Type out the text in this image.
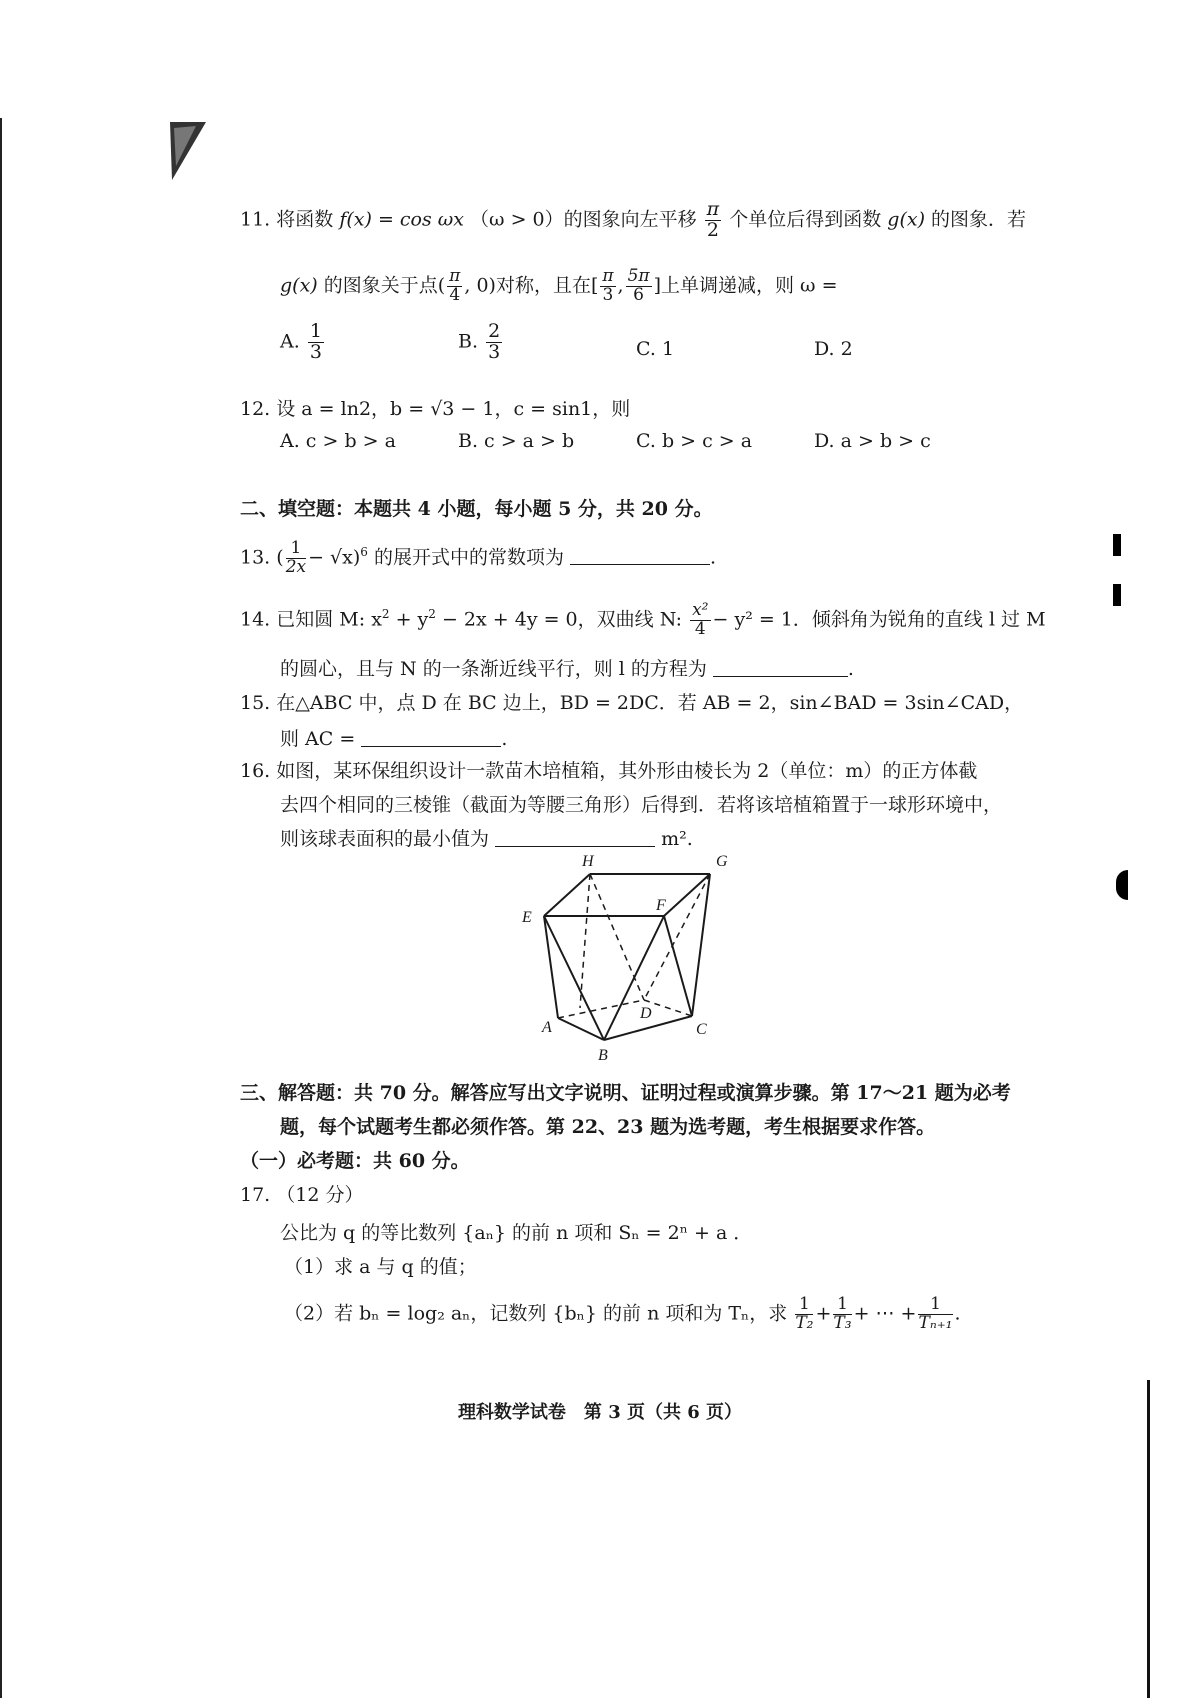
11. 将函数 f(x) = cos ωx （ω > 0）的图象向左平移 $\frac{\pi}{2}$ 个单位后得到函数 g(x) 的图象．若
g(x) 的图象关于点( $\frac{\pi}{4}$ , 0)对称，且在[ $\frac{\pi}{3}$ , $\frac{5\pi}{6}$ ]上单调递减，则 ω =
A. $\frac{1}{3}$	B. $\frac{2}{3}$	C. 1	D. 2
12. 设 a = ln2，b = √3 − 1，c = sin1，则
A. c > b > a	B. c > a > b	C. b > c > a	D. a > b > c
二、填空题：本题共 4 小题，每小题 5 分，共 20 分。
13. ( $\frac{1}{2x} - √x)^6$ 的展开式中的常数项为	.
14. 已知圆 M: $x^2 + y^2 - 2x + 4y = 0$，双曲线 N: $\frac{\text{x²}}{4} - y^2 = 1$．倾斜角为锐角的直线 l 过 M
的圆心，且与 N 的一条渐近线平行，则 l 的方程为	.
15. 在△ABC 中，点 D 在 BC 边上，BD = 2DC．若 AB = 2，sin∠BAD = 3sin∠CAD，
则 AC =	.
16. 如图，某环保组织设计一款苗木培植箱，其外形由棱长为 2（单位：m）的正方体截
去四个相同的三棱锥（截面为等腰三角形）后得到．若将该培植箱置于一球形环境中，
则该球表面积的最小值为	m².
H	G
E
F
D
A	C
B
三、解答题：共 70 分。解答应写出文字说明、证明过程或演算步骤。第 17～21 题为必考
题，每个试题考生都必须作答。第 22、23 题为选考题，考生根据要求作答。
（一）必考题：共 60 分。
17. （12 分）
公比为 q 的等比数列 {aₙ} 的前 n 项和 Sₙ = 2ⁿ + a ．
（1）求 a 与 q 的值；
（2）若 bₙ = log₂ aₙ，记数列 {bₙ} 的前 n 项和为 Tₙ，求 $\frac{1}{\text{T₂}} + \frac{1}{\text{T₃}}$ + ⋯ + $\frac{1}{\text{Tₙ₊₁}}$ .
理科数学试卷　第 3 页（共 6 页）
